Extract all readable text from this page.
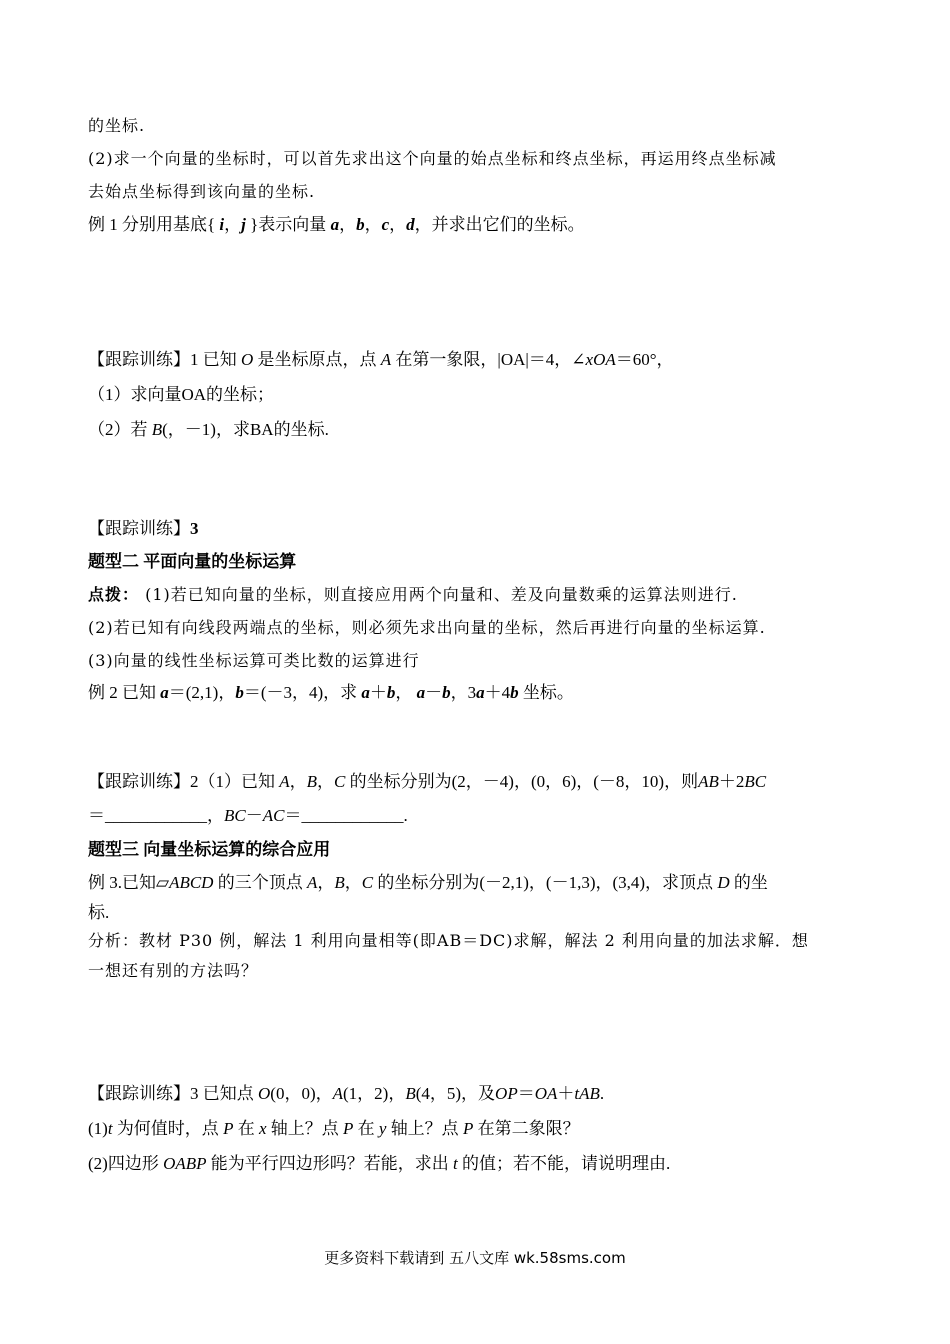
的坐标.
(2)求一个向量的坐标时，可以首先求出这个向量的始点坐标和终点坐标，再运用终点坐标减
去始点坐标得到该向量的坐标.
例 1 分别用基底{ i，j }表示向量 a，b，c，d，并求出它们的坐标。
【跟踪训练】1 已知 O 是坐标原点，点 A 在第一象限，|OA|＝4，∠xOA＝60°，
（1）求向量OA的坐标；
（2）若 B(，－1)，求BA的坐标.
【跟踪训练】3
题型二 平面向量的坐标运算
点拨： (1)若已知向量的坐标，则直接应用两个向量和、差及向量数乘的运算法则进行.
(2)若已知有向线段两端点的坐标，则必须先求出向量的坐标，然后再进行向量的坐标运算.
(3)向量的线性坐标运算可类比数的运算进行
例 2 已知 a＝(2,1)，b＝(－3，4)，求 a＋b， a－b，3a＋4b 坐标。
【跟踪训练】2（1）已知 A，B，C 的坐标分别为(2，－4)，(0，6)，(－8，10)，则AB＋2BC
＝____________，BC－AC＝____________.
题型三 向量坐标运算的综合应用
例 3.已知▱ABCD 的三个顶点 A，B，C 的坐标分别为(－2,1)，(－1,3)，(3,4)，求顶点 D 的坐
标.
分析：教材 P30 例，解法 1 利用向量相等(即AB＝DC)求解，解法 2 利用向量的加法求解．想
一想还有别的方法吗？
【跟踪训练】3 已知点 O(0，0)，A(1，2)，B(4，5)，及OP＝OA＋tAB.
(1)t 为何值时，点 P 在 x 轴上？点 P 在 y 轴上？点 P 在第二象限？
(2)四边形 OABP 能为平行四边形吗？若能，求出 t 的值；若不能，请说明理由.
更多资料下载请到 五八文库 wk.58sms.com
